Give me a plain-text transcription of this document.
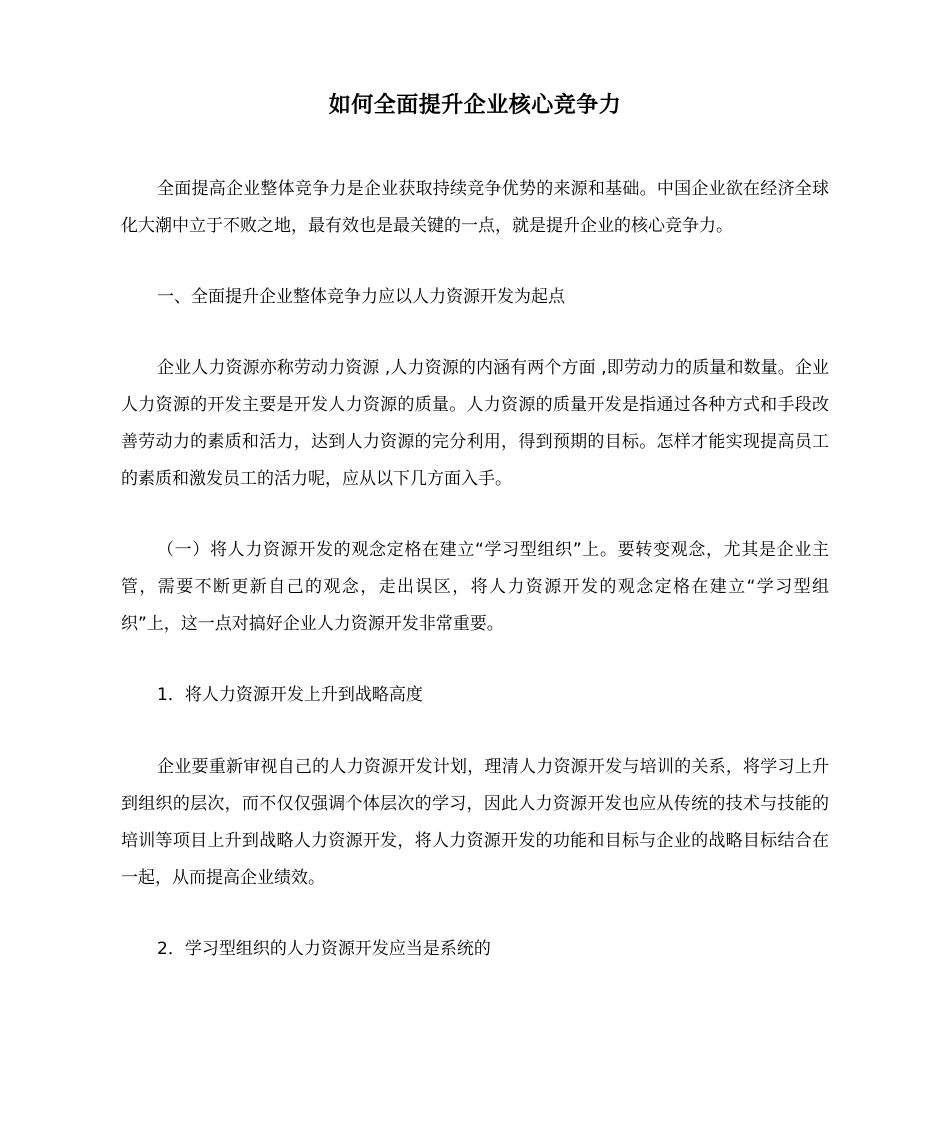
如何全面提升企业核心竞争力

全面提高企业整体竞争力是企业获取持续竞争优势的来源和基础。中国企业欲在经济全球化大潮中立于不败之地，最有效也是最关键的一点，就是提升企业的核心竞争力。

一、全面提升企业整体竞争力应以人力资源开发为起点

企业人力资源亦称劳动力资源 ,人力资源的内涵有两个方面 ,即劳动力的质量和数量。企业人力资源的开发主要是开发人力资源的质量。人力资源的质量开发是指通过各种方式和手段改善劳动力的素质和活力，达到人力资源的完分利用，得到预期的目标。怎样才能实现提高员工的素质和激发员工的活力呢，应从以下几方面入手。

（一）将人力资源开发的观念定格在建立“学习型组织”上。要转变观念，尤其是企业主管，需要不断更新自己的观念，走出误区，将人力资源开发的观念定格在建立“学习型组织”上，这一点对搞好企业人力资源开发非常重要。

1．将人力资源开发上升到战略高度

企业要重新审视自己的人力资源开发计划，理清人力资源开发与培训的关系，将学习上升到组织的层次，而不仅仅强调个体层次的学习，因此人力资源开发也应从传统的技术与技能的培训等项目上升到战略人力资源开发，将人力资源开发的功能和目标与企业的战略目标结合在一起，从而提高企业绩效。

2．学习型组织的人力资源开发应当是系统的
